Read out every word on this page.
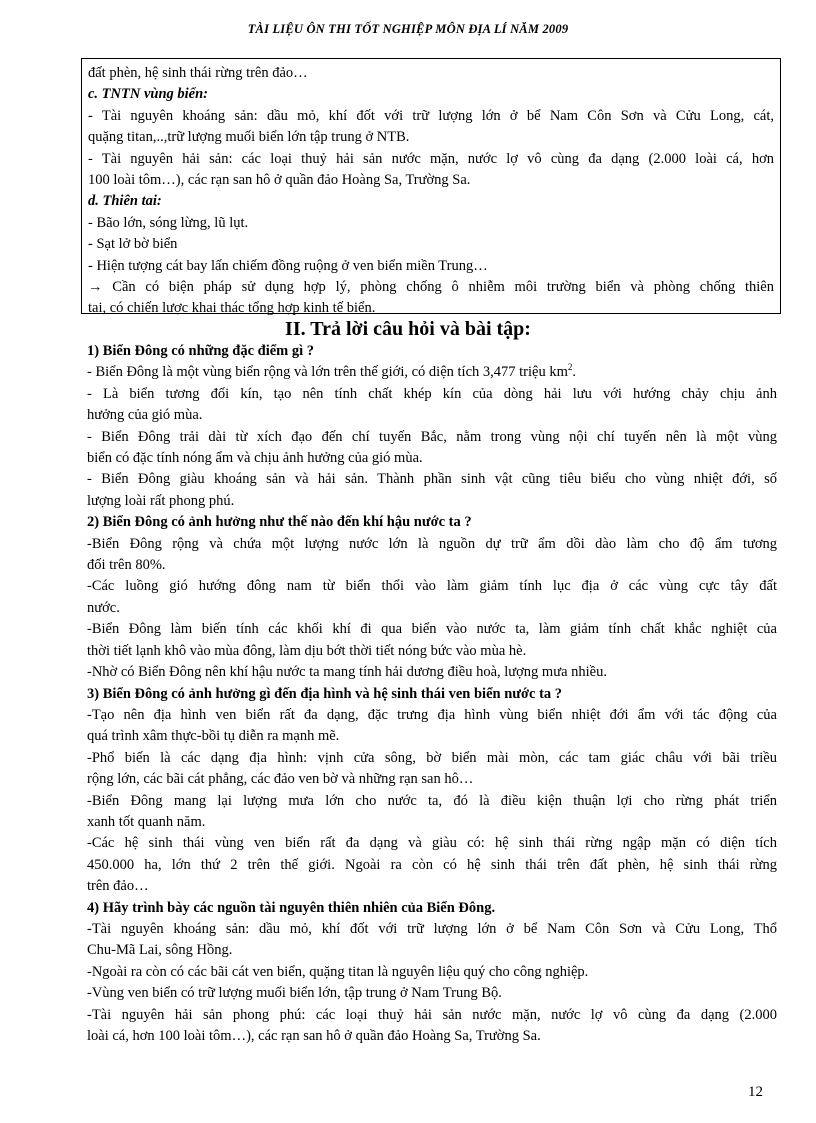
TÀI LIỆU ÔN THI TỐT NGHIỆP MÔN ĐỊA LÍ NĂM 2009
đất phèn, hệ sinh thái rừng trên đảo…
c. TNTN vùng biển:
- Tài nguyên khoáng sản: dầu mỏ, khí đốt với trữ lượng lớn ở bể Nam Côn Sơn và Cửu Long, cát,
quặng titan,..,trữ lượng muối biển lớn tập trung ở NTB.
- Tài nguyên hải sản: các loại thuỷ hải sản nước mặn, nước lợ vô cùng đa dạng (2.000 loài cá, hơn
100 loài tôm…), các rạn san hô ở quần đảo Hoàng Sa, Trường Sa.
d. Thiên tai:
- Bão lớn, sóng lừng, lũ lụt.
- Sạt lở bờ biển
- Hiện tượng cát bay lấn chiếm đồng ruộng ở ven biển miền Trung…
→ Cần có biện pháp sử dụng hợp lý, phòng chống ô nhiễm môi trường biển và phòng chống thiên
tai, có chiến lược khai thác tổng hợp kinh tế biển.
II. Trả lời câu hỏi và bài tập:
1) Biển Đông có những đặc điểm gì ?
- Biển Đông là một vùng biển rộng và lớn trên thế giới, có diện tích 3,477 triệu $km^2$.
- Là biển tương đối kín, tạo nên tính chất khép kín của dòng hải lưu với hướng chảy chịu ảnh
hưởng của gió mùa.
- Biển Đông trải dài từ xích đạo đến chí tuyến Bắc, nằm trong vùng nội chí tuyến nên là một vùng
biển có đặc tính nóng ẩm và chịu ảnh hưởng của gió mùa.
- Biển Đông giàu khoáng sản và hải sản. Thành phần sinh vật cũng tiêu biểu cho vùng nhiệt đới, số
lượng loài rất phong phú.
2) Biển Đông có ảnh hưởng như thế nào đến khí hậu nước ta ?
-Biển Đông rộng và chứa một lượng nước lớn là nguồn dự trữ ẩm dồi dào làm cho độ ẩm tương
đối trên 80%.
-Các luồng gió hướng đông nam từ biển thổi vào làm giảm tính lục địa ở các vùng cực tây đất
nước.
-Biển Đông làm biến tính các khối khí đi qua biển vào nước ta, làm giảm tính chất khắc nghiệt của
thời tiết lạnh khô vào mùa đông, làm dịu bớt thời tiết nóng bức vào mùa hè.
-Nhờ có Biển Đông nên khí hậu nước ta mang tính hải dương điều hoà, lượng mưa nhiều.
3) Biển Đông có ảnh hưởng gì đến địa hình và hệ sinh thái ven biển nước ta ?
-Tạo nên địa hình ven biển rất đa dạng, đặc trưng địa hình vùng biển nhiệt đới ẩm với tác động của
quá trình xâm thực-bồi tụ diễn ra mạnh mẽ.
-Phổ biến là các dạng địa hình: vịnh cửa sông, bờ biển mài mòn, các tam giác châu với bãi triều
rộng lớn, các bãi cát phẳng, các đảo ven bờ và những rạn san hô…
-Biển Đông mang lại lượng mưa lớn cho nước ta, đó là điều kiện thuận lợi cho rừng phát triển
xanh tốt quanh năm.
-Các hệ sinh thái vùng ven biển rất đa dạng và giàu có: hệ sinh thái rừng ngập mặn có diện tích
450.000 ha, lớn thứ 2 trên thế giới. Ngoài ra còn có hệ sinh thái trên đất phèn, hệ sinh thái rừng
trên đảo…
4) Hãy trình bày các nguồn tài nguyên thiên nhiên của Biển Đông.
-Tài nguyên khoáng sản: dầu mỏ, khí đốt với trữ lượng lớn ở bể Nam Côn Sơn và Cửu Long, Thổ
Chu-Mã Lai, sông Hồng.
-Ngoài ra còn có các bãi cát ven biển, quặng titan là nguyên liệu quý cho công nghiệp.
-Vùng ven biển có trữ lượng muối biển lớn, tập trung ở Nam Trung Bộ.
-Tài nguyên hải sản phong phú: các loại thuỷ hải sản nước mặn, nước lợ vô cùng đa dạng (2.000
loài cá, hơn 100 loài tôm…), các rạn san hô ở quần đảo Hoàng Sa, Trường Sa.
12
